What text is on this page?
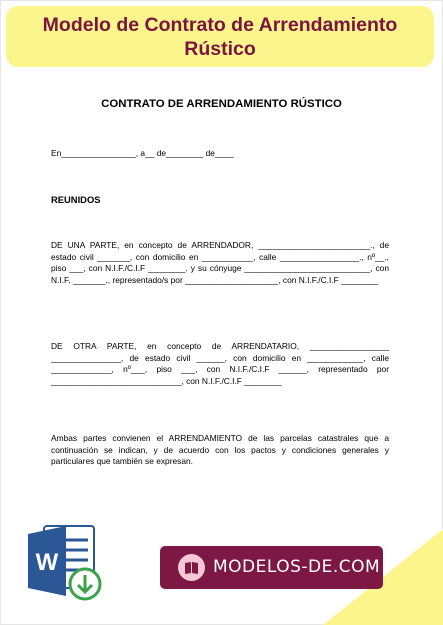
Modelo de Contrato de Arrendamiento Rústico
CONTRATO DE ARRENDAMIENTO RÚSTICO
En________________, a__ de________ de____
REUNIDOS
DE UNA PARTE, en concepto de ARRENDADOR, ________________________., de estado civil _______, con domicilio en ___________, calle _________________., nº__., piso ___, con N.I.F./C.I.F ________. y su cónyuge ___________________________, con N.I.F. _______., representado/s por ____________________, con N.I.F./C.I.F ________
DE OTRA PARTE, en concepto de ARRENDATARIO, _________________ _______________, de estado civil ______, con domicilio en ____________, calle _____________, nº___, piso ___, con N.I.F./C.I.F ______, representado por ____________________________, con N.I.F./C.I.F ________
Ambas partes convienen el ARRENDAMIENTO de las parcelas catastrales que a continuación se indican, y de acuerdo con los pactos y condiciones generales y particulares que también se expresan.
W	MODELOS-DE.COM
